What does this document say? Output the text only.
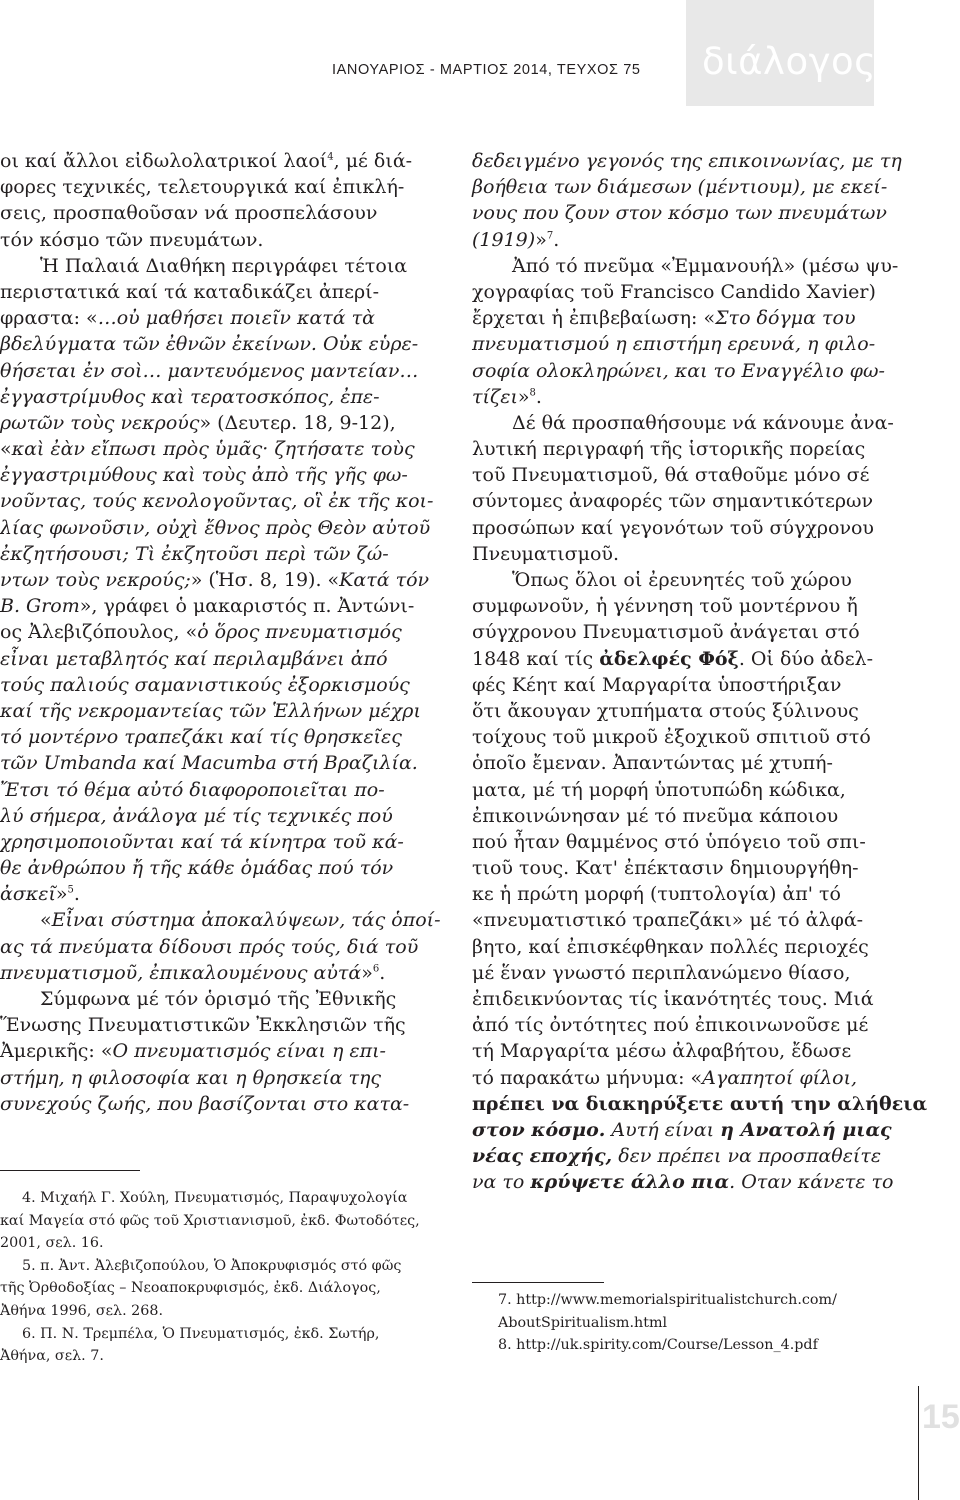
ΙΑΝΟΥΑΡΙΟΣ - ΜΑΡΤΙΟΣ 2014, ΤΕΥΧΟΣ 75 διάλογος
οι καί ἄλλοι εἰδωλολατρικοί λαοί$^4$, μέ διά-
φορες τεχνικές, τελετουργικά καί ἐπικλή-
σεις, προσπαθοῦσαν νά προσπελάσουν
τόν κόσμο τῶν πνευμάτων.
Ἡ Παλαιά Διαθήκη περιγράφει τέτοια
περιστατικά καί τά καταδικάζει ἀπερί-
φραστα: «…οὐ μαθήσει ποιεῖν κατά τὰ
βδελύγματα τῶν ἐθνῶν ἐκείνων. Οὐκ εὑρε-
θήσεται ἐν σοὶ… μαντευόμενος μαντείαν…
ἐγγαστρίμυθος καὶ τερατοσκόπος, ἐπε-
ρωτῶν τοὺς νεκρούς» (Δευτερ. 18, 9-12),
«καὶ ἐὰν εἴπωσι πρὸς ὑμᾶς· ζητήσατε τοὺς
ἐγγαστριμύθους καὶ τοὺς ἀπὸ τῆς γῆς φω-
νοῦντας, τούς κενολογοῦντας, οἳ ἐκ τῆς κοι-
λίας φωνοῦσιν, οὐχὶ ἔθνος πρὸς Θεὸν αὐτοῦ
ἐκζητήσουσι; Τὶ ἐκζητοῦσι περὶ τῶν ζώ-
ντων τοὺς νεκρούς;» (Ἡσ. 8, 19). «Κατά τόν
B. Grom», γράφει ὁ μακαριστός π. Ἀντώνι-
ος Ἀλεβιζόπουλος, «ὁ ὅρος πνευματισμός
εἶναι μεταβλητός καί περιλαμβάνει ἀπό
τούς παλιούς σαμανιστικούς ἐξορκισμούς
καί τῆς νεκρομαντείας τῶν Ἑλλήνων μέχρι
τό μοντέρνο τραπεζάκι καί τίς θρησκεῖες
τῶν Umbanda καί Macumba στή Βραζιλία.
Ἔτσι τό θέμα αὐτό διαφοροποιεῖται πο-
λύ σήμερα, ἀνάλογα μέ τίς τεχνικές πού
χρησιμοποιοῦνται καί τά κίνητρα τοῦ κά-
θε ἀνθρώπου ἤ τῆς κάθε ὁμάδας πού τόν
ἀσκεῖ»$^5$.
«Εἶναι σύστημα ἀποκαλύψεων, τάς ὁποί-
ας τά πνεύματα δίδουσι πρός τούς, διά τοῦ
πνευματισμοῦ, ἐπικαλουμένους αὐτά»$^6$.
Σύμφωνα μέ τόν ὁρισμό τῆς Ἐθνικῆς
Ἕνωσης Πνευματιστικῶν Ἐκκλησιῶν τῆς
Ἀμερικῆς: «Ο πνευματισμός είναι η επι-
στήμη, η φιλοσοφία και η θρησκεία της
συνεχούς ζωής, που βασίζονται στο κατα-
δεδειγμένο γεγονός της επικοινωνίας, με τη
βοήθεια των διάμεσων (μέντιουμ), με εκεί-
νους που ζουν στον κόσμο των πνευμάτων
(1919)»$^7$.
Ἀπό τό πνεῦμα «Ἐμμανουήλ» (μέσω ψυ-
χογραφίας τοῦ Francisco Candido Xavier)
ἔρχεται ἡ ἐπιβεβαίωση: «Στο δόγμα του
πνευματισμού η επιστήμη ερευνά, η φιλο-
σοφία ολοκληρώνει, και το Εναγγέλιο φω-
τίζει»$^8$.
Δέ θά προσπαθήσουμε νά κάνουμε ἀνα-
λυτική περιγραφή τῆς ἱστορικῆς πορείας
τοῦ Πνευματισμοῦ, θά σταθοῦμε μόνο σέ
σύντομες ἀναφορές τῶν σημαντικότερων
προσώπων καί γεγονότων τοῦ σύγχρονου
Πνευματισμοῦ.
Ὅπως ὅλοι οἱ ἐρευνητές τοῦ χώρου
συμφωνοῦν, ἡ γέννηση τοῦ μοντέρνου ἤ
σύγχρονου Πνευματισμοῦ ἀνάγεται στό
1848 καί τίς ἀδελφές Φόξ. Οἱ δύο ἀδελ-
φές Κέητ καί Μαργαρίτα ὑποστήριξαν
ὅτι ἄκουγαν χτυπήματα στούς ξύλινους
τοίχους τοῦ μικροῦ ἐξοχικοῦ σπιτιοῦ στό
ὁποῖο ἔμεναν. Ἀπαντώντας μέ χτυπή-
ματα, μέ τή μορφή ὑποτυπώδη κώδικα,
ἐπικοινώνησαν μέ τό πνεῦμα κάποιου
πού ἦταν θαμμένος στό ὑπόγειο τοῦ σπι-
τιοῦ τους. Κατ' ἐπέκτασιν δημιουργήθη-
κε ἡ πρώτη μορφή (τυπτολογία) ἀπ' τό
«πνευματιστικό τραπεζάκι» μέ τό ἀλφά-
βητο, καί ἐπισκέφθηκαν πολλές περιοχές
μέ ἕναν γνωστό περιπλανώμενο θίασο,
ἐπιδεικνύοντας τίς ἱκανότητές τους. Μιά
ἀπό τίς ὀντότητες πού ἐπικοινωνοῦσε μέ
τή Μαργαρίτα μέσω ἀλφαβήτου, ἔδωσε
τό παρακάτω μήνυμα: «Αγαπητοί φίλοι,
πρέπει να διακηρύξετε αυτή την αλήθεια
στον κόσμο. Αυτή είναι η Ανατολή μιας
νέας εποχής, δεν πρέπει να προσπαθείτε
να το κρύψετε άλλο πια. Οταν κάνετε το
4. Μιχαήλ Γ. Χούλη, Πνευματισμός, Παραψυχολογία
καί Μαγεία στό φῶς τοῦ Χριστιανισμοῦ, ἐκδ. Φωτοδότες,
2001, σελ. 16.
5. π. Ἀντ. Ἀλεβιζοπούλου, Ὁ Ἀποκρυφισμός στό φῶς
τῆς Ὀρθοδοξίας – Νεοαποκρυφισμός, ἐκδ. Διάλογος,
Ἀθήνα 1996, σελ. 268.
6. Π. Ν. Τρεμπέλα, Ὁ Πνευματισμός, ἐκδ. Σωτήρ,
Ἀθήνα, σελ. 7.
7. http://www.memorialspiritualistchurch.com/
AboutSpiritualism.html
8. http://uk.spirity.com/Course/Lesson_4.pdf
15
